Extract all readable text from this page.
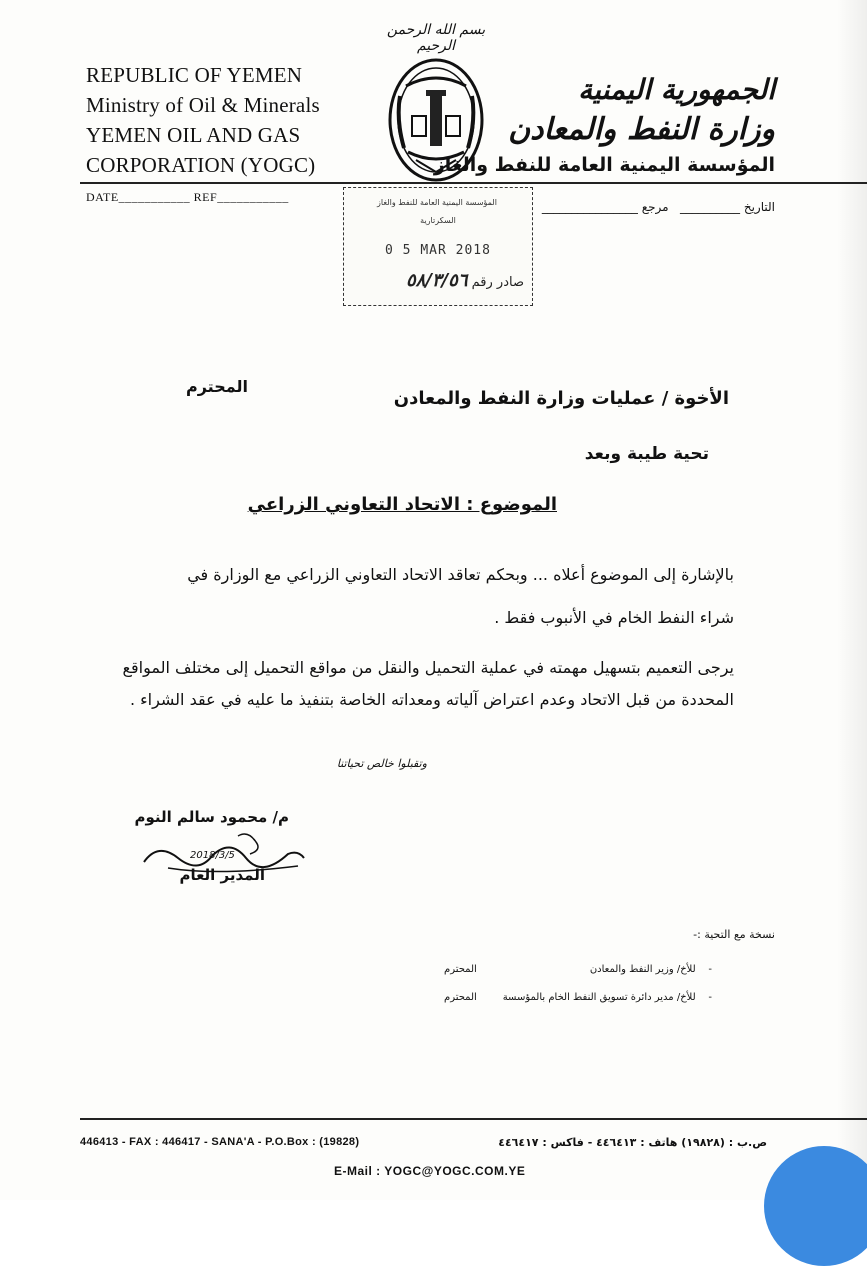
REPUBLIC OF YEMEN
Ministry of Oil & Minerals
YEMEN OIL AND GAS
CORPORATION (YOGC)
بسم الله الرحمن الرحيم
الجمهورية اليمنية
وزارة النفط والمعادن
المؤسسة اليمنية العامة للنفط والغاز
DATE___________ REF___________
التاريخ __________   مرجع ________________
المؤسسة اليمنية العامة للنفط والغاز
السكرتارية
0 5 MAR 2018
صادر رقم ٥٨/٣/٥٦
المحترم
الأخوة / عمليات وزارة النفط والمعادن
تحية طيبة وبعد
الموضوع : الاتحاد التعاوني الزراعي
بالإشارة إلى الموضوع أعلاه ... وبحكم تعاقد الاتحاد التعاوني الزراعي مع الوزارة في
شراء النفط الخام في الأنبوب فقط .
يرجى التعميم بتسهيل مهمته في عملية التحميل والنقل من مواقع التحميل إلى مختلف المواقع المحددة من قبل الاتحاد وعدم اعتراض آلياته ومعداته الخاصة بتنفيذ ما عليه في عقد الشراء .
وتقبلوا خالص تحياتنا
م/ محمود سالم النوم
2018/3/5
المدير العام
نسخة مع التحية :-
-    للأخ/ وزير النفط والمعادن
المحترم
-    للأخ/ مدير دائرة تسويق النفط الخام بالمؤسسة
المحترم
446413 - FAX : 446417 - SANA'A - P.O.Box : (19828)	ص.ب : (١٩٨٢٨) هاتف : ٤٤٦٤١٣ - فاكس : ٤٤٦٤١٧
E-Mail : YOGC@YOGC.COM.YE
